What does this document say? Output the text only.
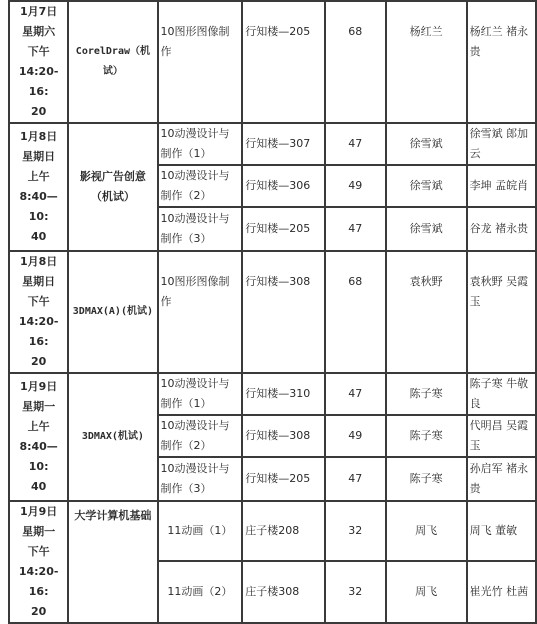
1月7日
星期六
下午
14:20-16:
20	CorelDraw（机试）	10图形图像制作	行知楼—205	68	杨红兰	杨红兰 褚永贵

1月8日
星期日
上午
8:40—10:
40	影视广告创意（机试）	10动漫设计与制作（1）	行知楼—307	47	徐雪斌	徐雪斌 郎加云
		10动漫设计与制作（2）	行知楼—306	49	徐雪斌	李坤 孟皖肖
		10动漫设计与制作（3）	行知楼—205	47	徐雪斌	谷龙 褚永贵

1月8日
星期日
下午
14:20-16:
20	3DMAX(A)(机试)	10图形图像制作	行知楼—308	68	袁秋野	袁秋野 吴霞玉

1月9日
星期一
上午
8:40—10:
40	3DMAX(机试)	10动漫设计与制作（1）	行知楼—310	47	陈子寒	陈子寒 牛敬良
		10动漫设计与制作（2）	行知楼—308	49	陈子寒	代明昌 吴霞玉
		10动漫设计与制作（3）	行知楼—205	47	陈子寒	孙启军 褚永贵

1月9日
星期一
下午
14:20-16:
20	大学计算机基础	11动画（1）	庄子楼208	32	周飞	周飞 董敏
		11动画（2）	庄子楼308	32	周飞	崔光竹 杜茜
